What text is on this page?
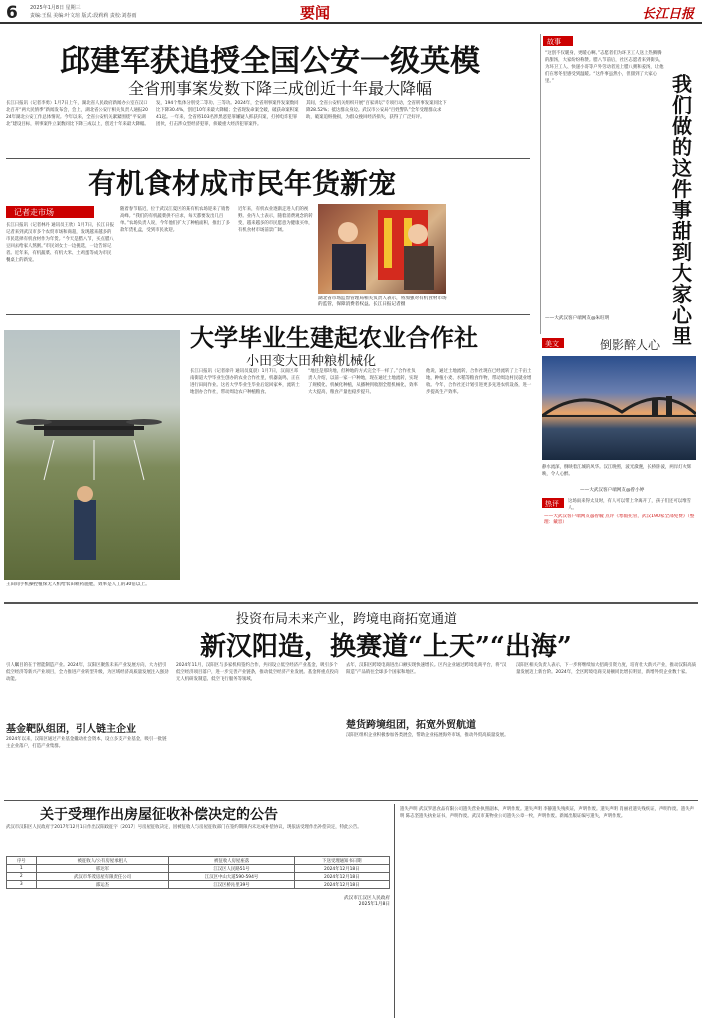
6 2025年1月8日 星期三
责编:王侃 美编:叶文瑄 版式:段莉莉 责校:刘春雨	要闻	长江日报
邱建军获追授全国公安一级英模
全省刑事案发数下降三成创近十年最大降幅
长江日报讯（记者李勇）1月7日上午，湖北省人民政府新闻办公室在汉口北召开“两大民情季”新闻发布会，会上，湖北省公安厅相关负责人通报2024年湖北公安工作总体情况。今年以来，全省公安机关紧紧围绕“平安湖北”建设目标，刑事案件立案数同比下降三成以上，创近十年来最大降幅。
发，194个集体分别受二等功、三等功。2024年，全省刑事案件发案数同比下降30.4%，创近10年来最大降幅；全省现发命案全破，破获命案积案41起。一年来，全省将103名涉黑恶犯罪嫌疑人抓获归案，打掉电诈犯罪团伙，打击涉众型经济犯罪，侦破重大经济犯罪案件。
其间，全省公安机关组织开展“百家讲坛”专项行动，全省刑事发案同比下降28.52%；抵达群众身边。武汉市公安局“百姓警队”全年受理群众求助，破案追赃挽损，为群众挽回经济损失，获得了广泛好评。
有机食材成市民年货新宠
记者走市场
长江日报讯（记者林丹 通讯员王欣）1月7日，长江日报记者来到武汉市多个农贸市场和商超，发现越来越多的市民选择有机食材作为年货。“今天是腊八节，买点腊八豆回去给家人熬粥。”市民刘女士一边挑选，一边告诉记者。近年来，有机蔬菜、有机大米、土鸡蛋等成为市民餐桌上的新宠。
随着春节临近，位于武汉江夏区的某有机农场迎来了销售高峰。“我们的有机蔬菜供不应求，每天都要发出几百单。”农场负责人说，今年他们扩大了种植面积，推出了多款年货礼盒，受到市民欢迎。
近年来，有机农业逐渐走进人们的视野。业内人士表示，随着消费观念的转变，越来越多的市民愿意为健康买单，有机食材市场前景广阔。
湖北省市场监督管理局相关负责人表示，将加强对有机食材市场的监管，保障消费者权益。长江日报记者摄
大学毕业生建起农业合作社
小田变大田种粮机械化
王田间手机操控植保无人机给农田喷药施肥，效率是人工的30倍以上。
长江日报讯（记者徐升 通讯员夏晨）1月7日，汉南区邓南街道大学毕业生创办的农业合作社里，机器轰鸣，正在进行田间作业。这名大学毕业生毕业后返回家乡，流转土地创办合作社，带动周边农户种植粮食。
“地还是那块地，但种地的方式完全不一样了。”合作社负责人介绍，以前一家一户种地，现在通过土地流转，实现了规模化、机械化种植，从播种到收割全程机械化，效率大大提高，粮食产量也稳步提升。
他说，通过土地流转，合作社现在已经流转了上千亩土地，种植小麦、水稻等粮食作物，带动周边村民就业增收。今年，合作社还计划引进更多先进农机设备，进一步提高生产效率。
故事
“这创不仅暖身，更暖心啊。”志愿者们为环卫工人送上热腾腾的甜汤，大家纷纷称赞。腊八节前后，社区志愿者来到街头，为环卫工人、快递小哥等户外劳动者送上腊八粥和姜汤，让他们在寒冬里感受到温暖。“这件事虽然小，但甜到了大家心里。”	我们做的这件事甜到大家心里
——大武汉客户端网友@朱旺明
美文	倒影醉人心
静水流深，倒映着江城的风华。汉江晚照，波光潋滟，长桥卧波，两岸灯火辉映，令人心醉。
——大武汉客户端网友@曾小婷
热评 这场雨来得太及时，有人可以带上伞离开了，孩子们还可以堆雪人。
——大武汉客户端网友@曾毓 点评《寒假托管，武汉190家全部免费》（整理：戴容）
投资布局未来产业，跨境电商拓宽通道
新汉阳造，换赛道“上天”“出海”
引人瞩目的在于智能制造产业。2024年，汉阳区聚焦未来产业发展方向，大力招引低空经济等新兴产业项目，全力推进产业转型升级，为区域经济高质量发展注入强劲动能。
基金靶队组团，引人链主企业
2024年以来，汉阳区通过产业基金撬动社会资本，设立多支产业基金，吸引一批链主企业落户，打造产业集群。
2024年11月，汉阳区与多家机构签约合作，共同设立低空经济产业基金，吸引多个低空经济项目落户，进一步完善产业链条，推动低空经济产业发展。基金将重点投向无人机研发制造、低空飞行服务等领域。
去年，汉阳区跨境电商进出口额实现快速增长。区内企业通过跨境电商平台，将“汉阳造”产品销往全球多个国家和地区。
楚货跨境组团，拓宽外贸航道
汉阳区组织企业积极参加各类展会，帮助企业拓展海外市场，推动外贸高质量发展。
汉阳区相关负责人表示，下一步将继续加大招商引资力度，培育壮大新兴产业，推动汉阳高质量发展迈上新台阶。2024年，全区跨境电商交易额同比增长明显，新增外贸企业数十家。
关于受理作出房屋征收补偿决定的公告
武汉市汉阳区人民政府于2017年12月1日作出汉阳政征字〔2017〕号房屋征收决定，因被征收人与房屋征收部门在签约期限内未达成补偿协议，现依法受理作出补偿决定，特此公告。
序号	被征收人/公有房屋承租人	被征收人房屋座落	下送受理通知书日期
1	邢达军	江汉区人民路51号	2024年12月18日
2	武汉市华茂房屋有限责任公司	江汉区中山大道590-594号	2024年12月18日
3	邵运杰	江汉区桥沁里39号	2024年12月18日
武汉市江汉区人民政府
2025年1月8日
遗失声明 武汉罗思食品有限公司遗失营业执照副本，声明作废。遗失声明 李静遗失残疾证，声明作废。遗失声明 肖丽君遗失残疾证，声明作废。遗失声明 陈志坚遗失执业证书，声明作废。武汉市某物业公司遗失公章一枚，声明作废。新闻出版证编号遗失，声明作废。
